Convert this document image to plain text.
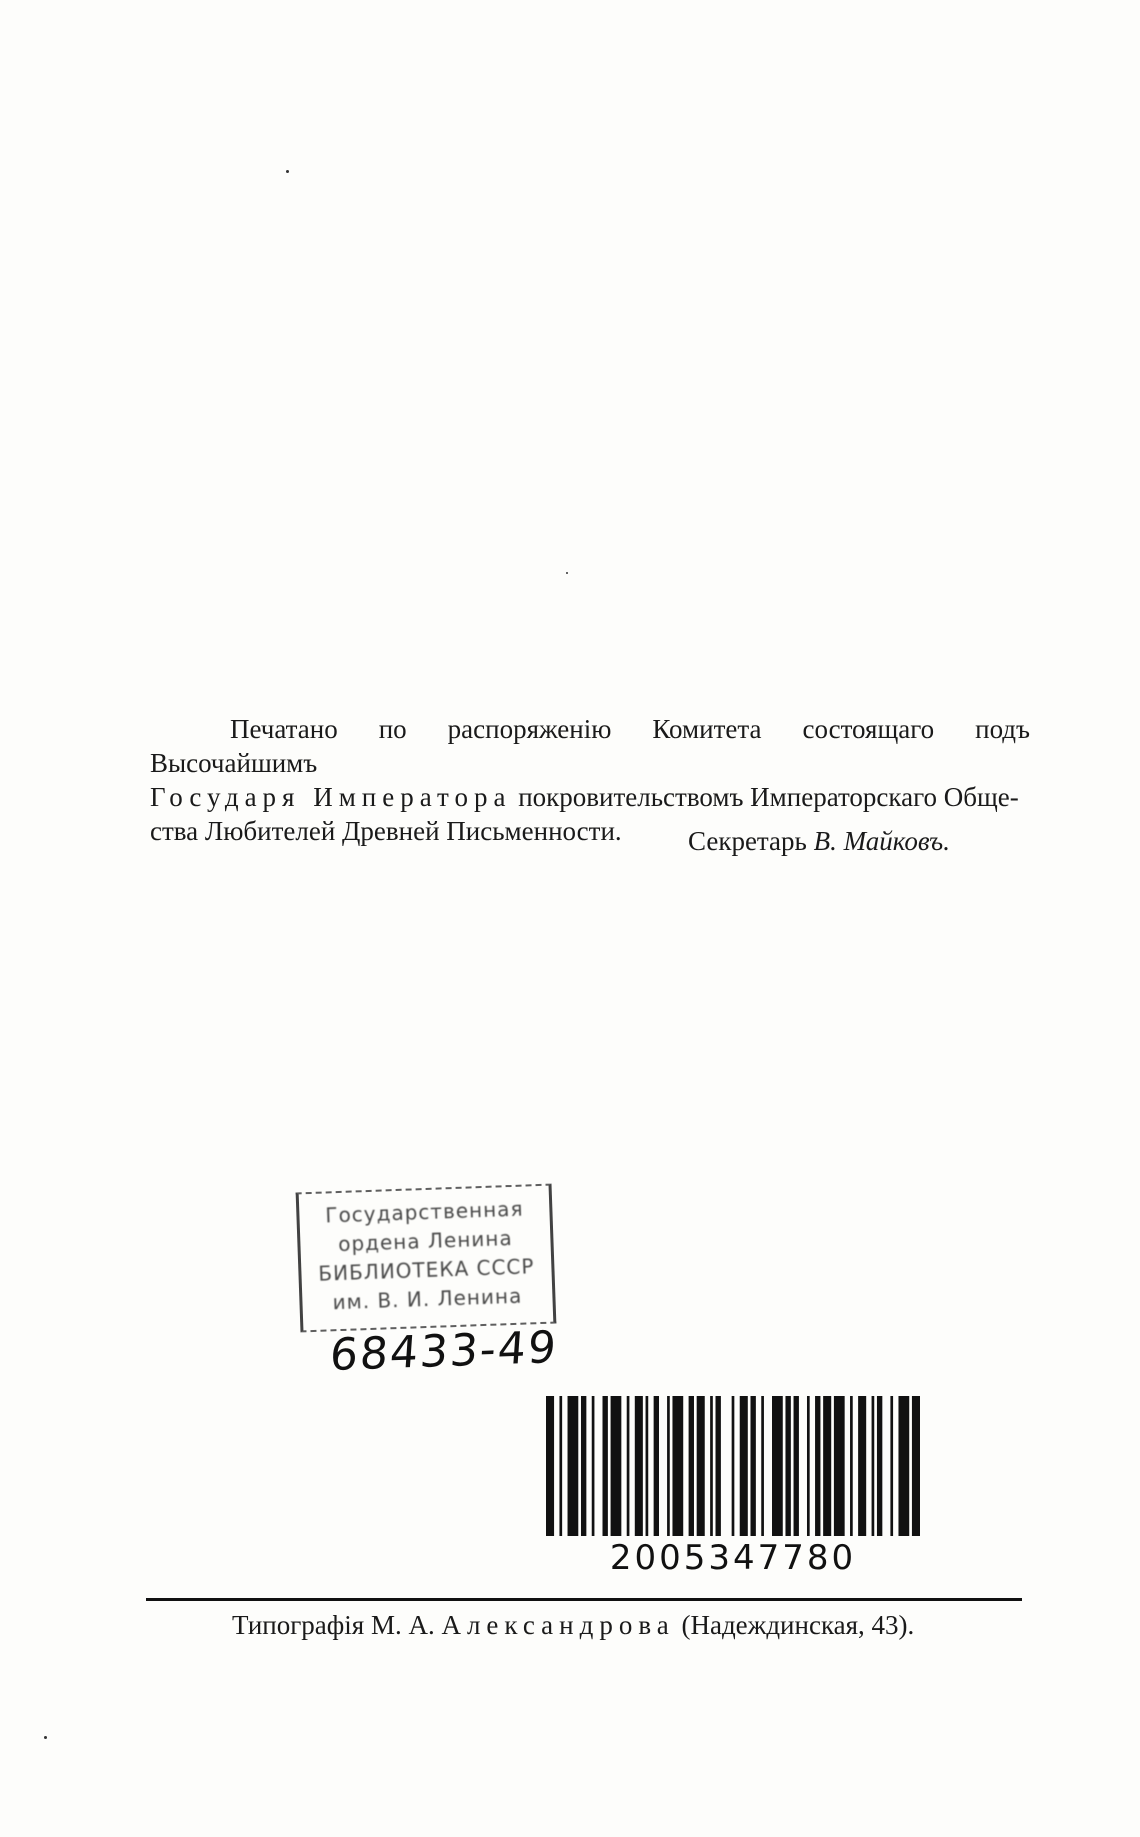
Печатано по распоряженiю Комитета состоящаго подъ Высочайшимъ

Государя Императора покровительствомъ Императорскаго Обще-

ства Любителей Древней Письменности.	Секретарь В. Майковъ.
Государственная
ордена Ленина
БИБЛИОТЕКА СССР
им. В. И. Ленина
68433-49
2005347780
Типографiя М. А. Александрова (Надеждинская, 43).
